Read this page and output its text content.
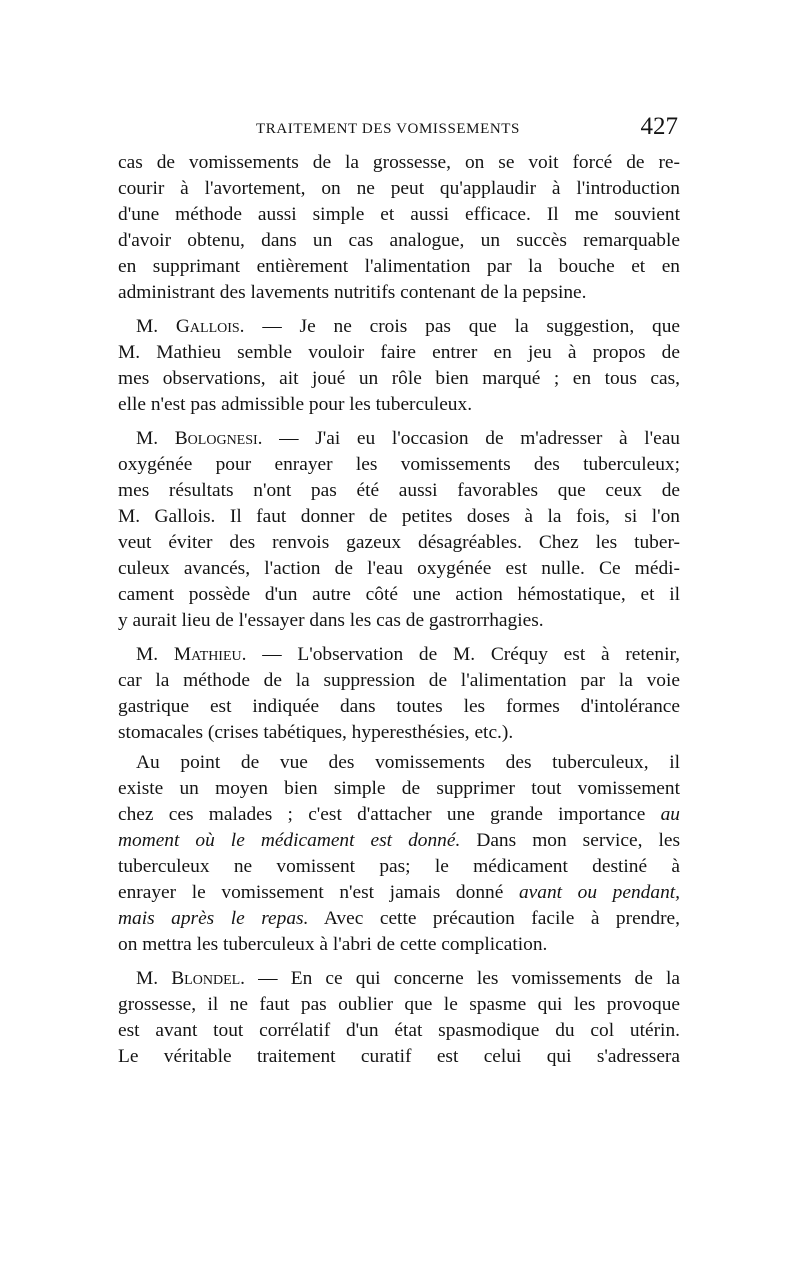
TRAITEMENT DES VOMISSEMENTS	427

cas de vomissements de la grossesse, on se voit forcé de re-
courir à l'avortement, on ne peut qu'applaudir à l'introduction
d'une méthode aussi simple et aussi efficace. Il me souvient
d'avoir obtenu, dans un cas analogue, un succès remarquable
en supprimant entièrement l'alimentation par la bouche et en
administrant des lavements nutritifs contenant de la pepsine.

M. Gallois. — Je ne crois pas que la suggestion, que
M. Mathieu semble vouloir faire entrer en jeu à propos de
mes observations, ait joué un rôle bien marqué ; en tous cas,
elle n'est pas admissible pour les tuberculeux.

M. Bolognesi. — J'ai eu l'occasion de m'adresser à l'eau
oxygénée pour enrayer les vomissements des tuberculeux;
mes résultats n'ont pas été aussi favorables que ceux de
M. Gallois. Il faut donner de petites doses à la fois, si l'on
veut éviter des renvois gazeux désagréables. Chez les tuber-
culeux avancés, l'action de l'eau oxygénée est nulle. Ce médi-
cament possède d'un autre côté une action hémostatique, et il
y aurait lieu de l'essayer dans les cas de gastrorrhagies.

M. Mathieu. — L'observation de M. Créquy est à retenir,
car la méthode de la suppression de l'alimentation par la voie
gastrique est indiquée dans toutes les formes d'intolérance
stomacales (crises tabétiques, hyperesthésies, etc.).

Au point de vue des vomissements des tuberculeux, il
existe un moyen bien simple de supprimer tout vomissement
chez ces malades ; c'est d'attacher une grande importance au
moment où le médicament est donné. Dans mon service, les
tuberculeux ne vomissent pas; le médicament destiné à
enrayer le vomissement n'est jamais donné avant ou pendant,
mais après le repas. Avec cette précaution facile à prendre,
on mettra les tuberculeux à l'abri de cette complication.

M. Blondel. — En ce qui concerne les vomissements de la
grossesse, il ne faut pas oublier que le spasme qui les provoque
est avant tout corrélatif d'un état spasmodique du col utérin.
Le véritable traitement curatif est celui qui s'adressera
